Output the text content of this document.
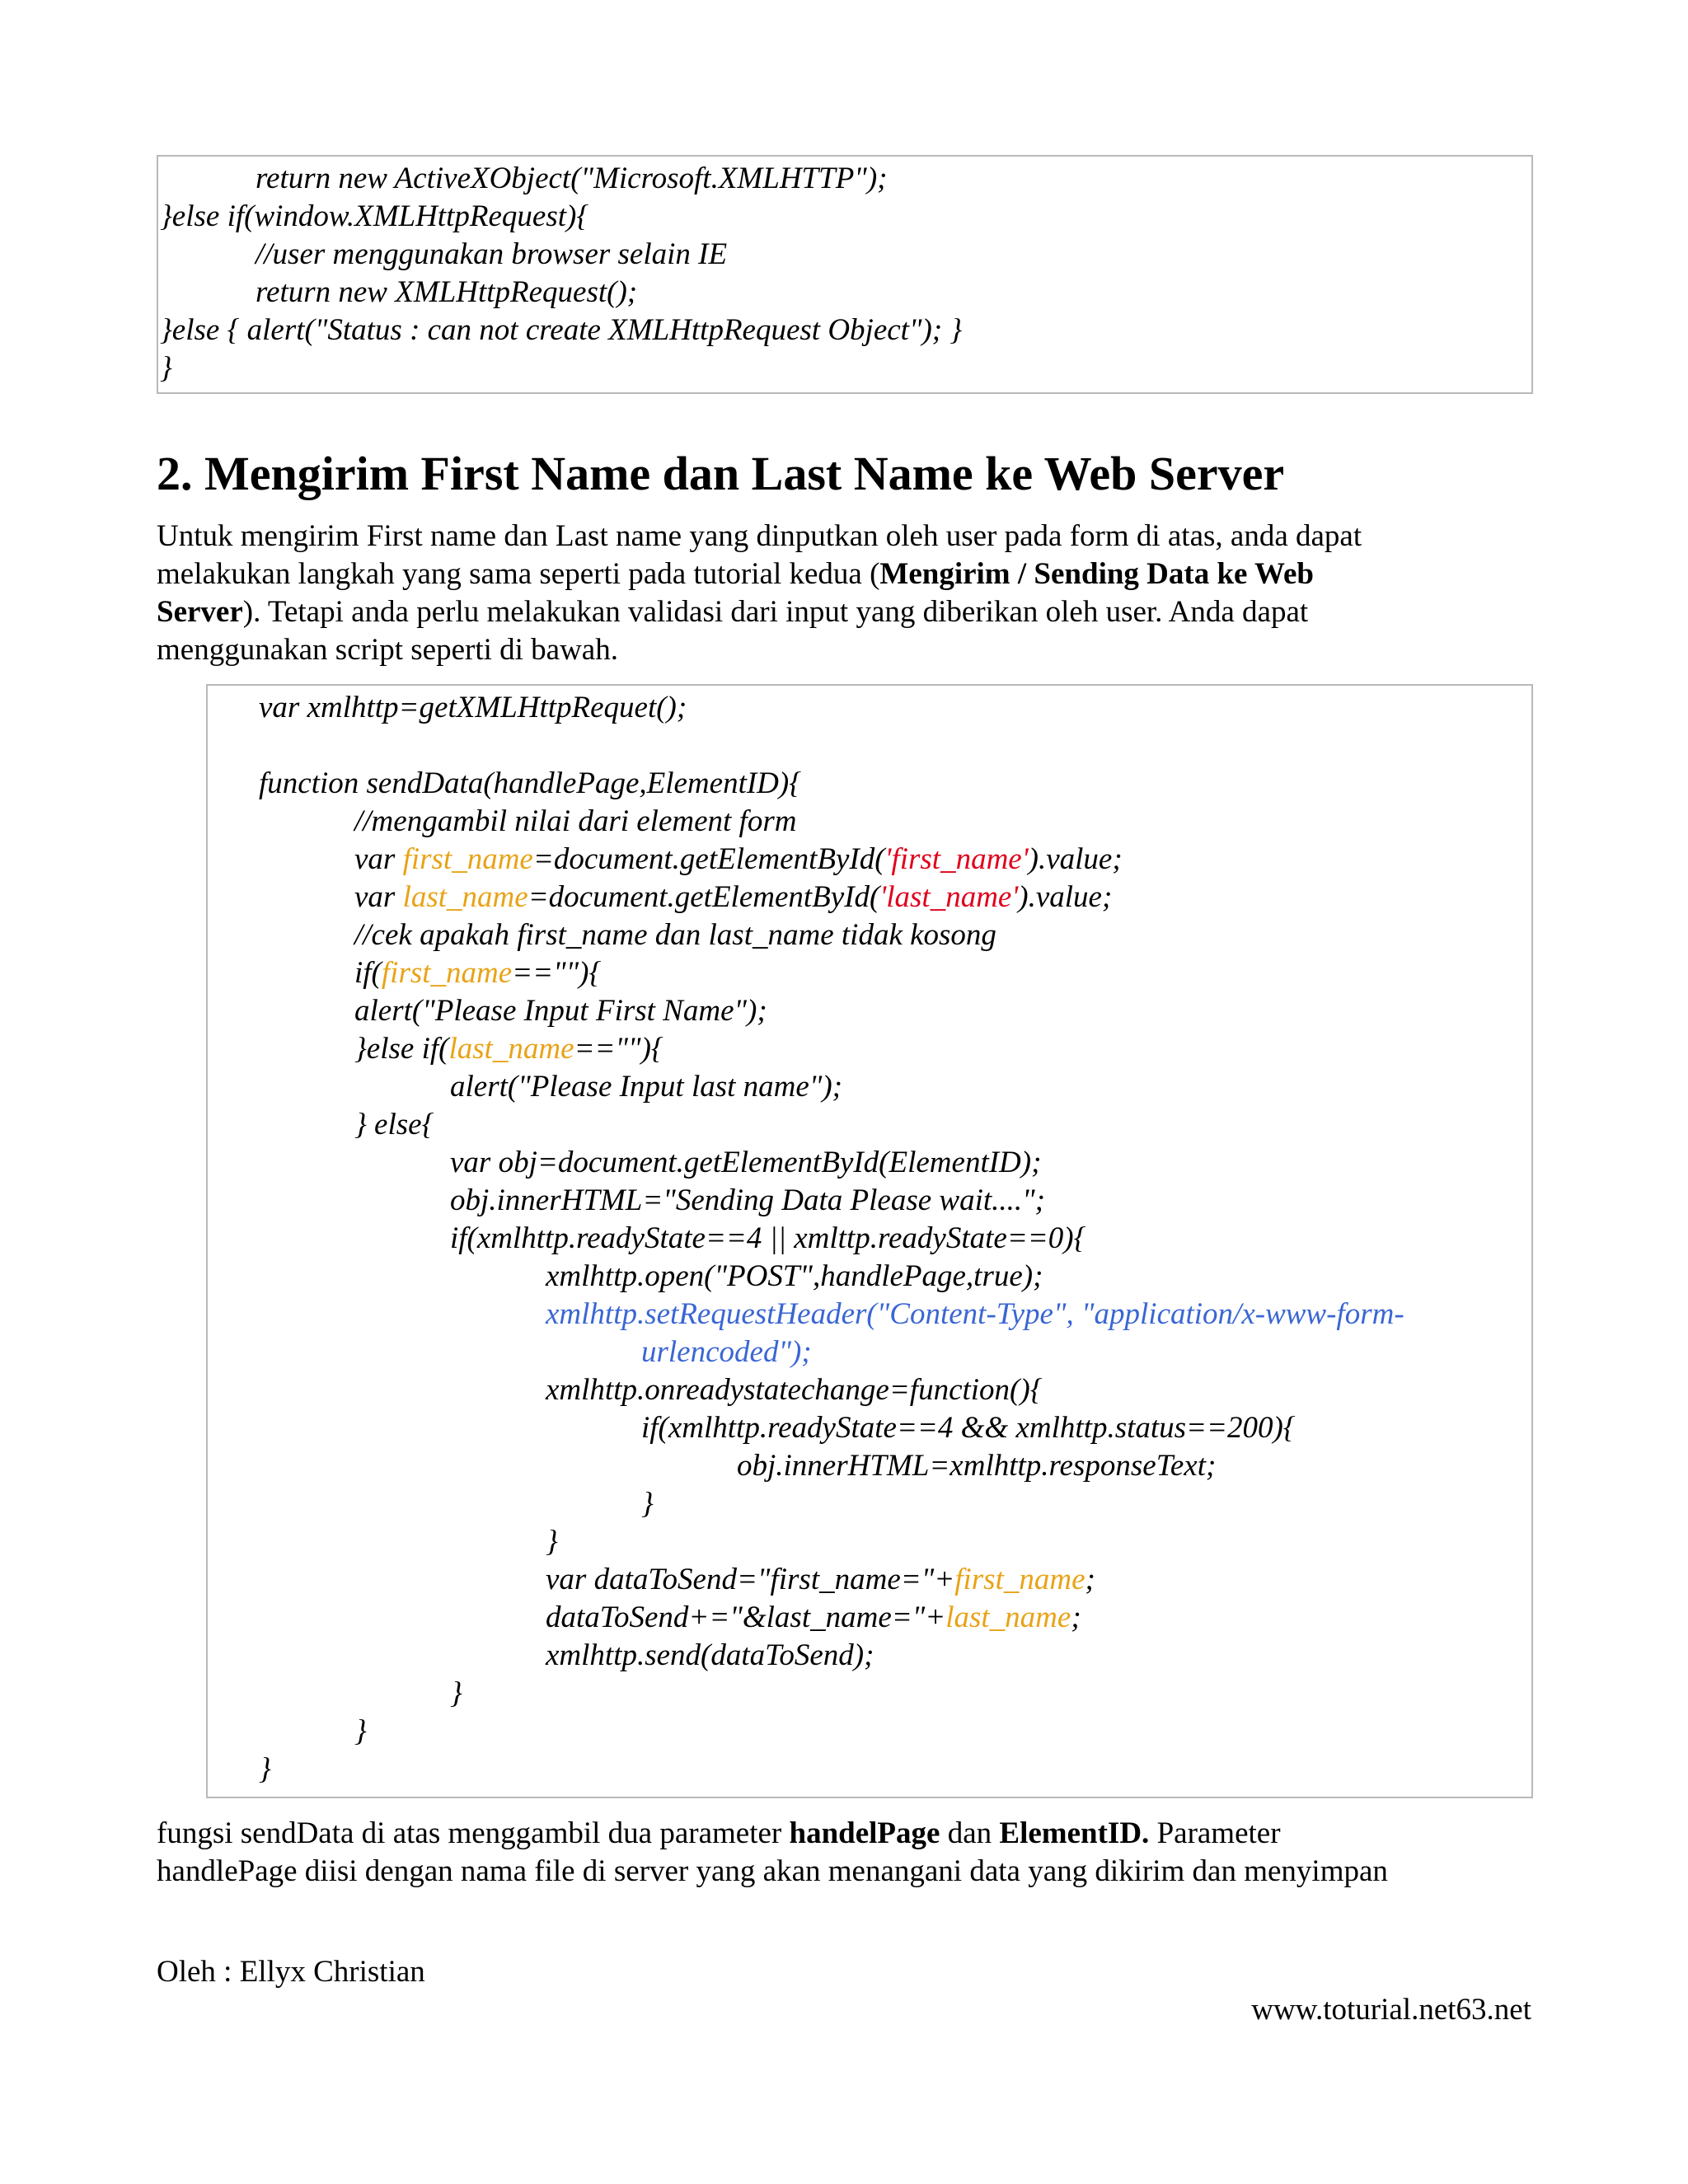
return new ActiveXObject("Microsoft.XMLHTTP");
}else if(window.XMLHttpRequest){
//user menggunakan browser selain IE
return new XMLHttpRequest();
}else { alert("Status : can not create XMLHttpRequest Object"); }
}
2. Mengirim First Name dan Last Name ke Web Server
Untuk mengirim First name dan Last name yang dinputkan oleh user pada form di atas, anda dapat
melakukan langkah yang sama seperti pada tutorial kedua (Mengirim / Sending Data ke Web
Server). Tetapi anda perlu melakukan validasi dari input yang diberikan oleh user. Anda dapat
menggunakan script seperti di bawah.
var xmlhttp=getXMLHttpRequet();
function sendData(handlePage,ElementID){
//mengambil nilai dari element form
var first_name=document.getElementById('first_name').value;
var last_name=document.getElementById('last_name').value;
//cek apakah first_name dan last_name tidak kosong
if(first_name==""){
alert("Please Input First Name");
}else if(last_name==""){
alert("Please Input last name");
} else{
var obj=document.getElementById(ElementID);
obj.innerHTML="Sending Data Please wait....";
if(xmlhttp.readyState==4 || xmlttp.readyState==0){
xmlhttp.open("POST",handlePage,true);
xmlhttp.setRequestHeader("Content-Type", "application/x-www-form-
urlencoded");
xmlhttp.onreadystatechange=function(){
if(xmlhttp.readyState==4 && xmlhttp.status==200){
obj.innerHTML=xmlhttp.responseText;
}
}
var dataToSend="first_name="+first_name;
dataToSend+="&last_name="+last_name;
xmlhttp.send(dataToSend);
}
}
}
fungsi sendData di atas menggambil dua parameter handelPage dan ElementID. Parameter
handlePage diisi dengan nama file di server yang akan menangani data yang dikirim dan menyimpan
Oleh : Ellyx Christian
www.toturial.net63.net
